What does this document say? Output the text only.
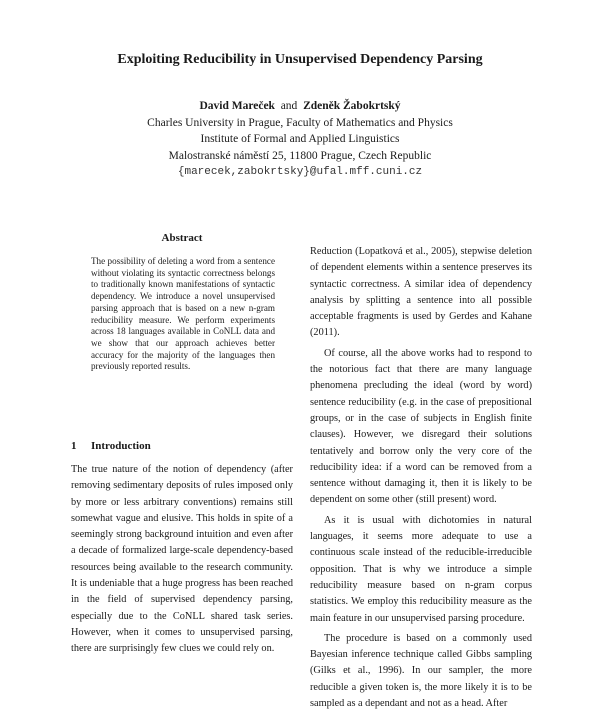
Exploiting Reducibility in Unsupervised Dependency Parsing
David Mareček and Zdeněk Žabokrtský
Charles University in Prague, Faculty of Mathematics and Physics
Institute of Formal and Applied Linguistics
Malostranské náměstí 25, 11800 Prague, Czech Republic
{marecek,zabokrtsky}@ufal.mff.cuni.cz
Abstract
The possibility of deleting a word from a sentence without violating its syntactic correctness belongs to traditionally known manifestations of syntactic dependency. We introduce a novel unsupervised parsing approach that is based on a new n-gram reducibility measure. We perform experiments across 18 languages available in CoNLL data and we show that our approach achieves better accuracy for the majority of the languages then previously reported results.
1 Introduction
The true nature of the notion of dependency (after removing sedimentary deposits of rules imposed only by more or less arbitrary conventions) remains still somewhat vague and elusive. This holds in spite of a seemingly strong background intuition and even after a decade of formalized large-scale dependency-based resources being available to the research community. It is undeniable that a huge progress has been reached in the field of supervised dependency parsing, especially due to the CoNLL shared task series. However, when it comes to unsupervised parsing, there are surprisingly few clues we could rely on.

Reduction (Lopatková et al., 2005), stepwise deletion of dependent elements within a sentence preserves its syntactic correctness. A similar idea of dependency analysis by splitting a sentence into all possible acceptable fragments is used by Gerdes and Kahane (2011).

Of course, all the above works had to respond to the notorious fact that there are many language phenomena precluding the ideal (word by word) sentence reducibility (e.g. in the case of prepositional groups, or in the case of subjects in English finite clauses). However, we disregard their solutions tentatively and borrow only the very core of the reducibility idea: if a word can be removed from a sentence without damaging it, then it is likely to be dependent on some other (still present) word.

As it is usual with dichotomies in natural languages, it seems more adequate to use a continuous scale instead of the reducible-irreducible opposition. That is why we introduce a simple reducibility measure based on n-gram corpus statistics. We employ this reducibility measure as the main feature in our unsupervised parsing procedure.

The procedure is based on a commonly used Bayesian inference technique called Gibbs sampling (Gilks et al., 1996). In our sampler, the more reducible a given token is, the more likely it is to be sampled as a dependant and not as a head. After
